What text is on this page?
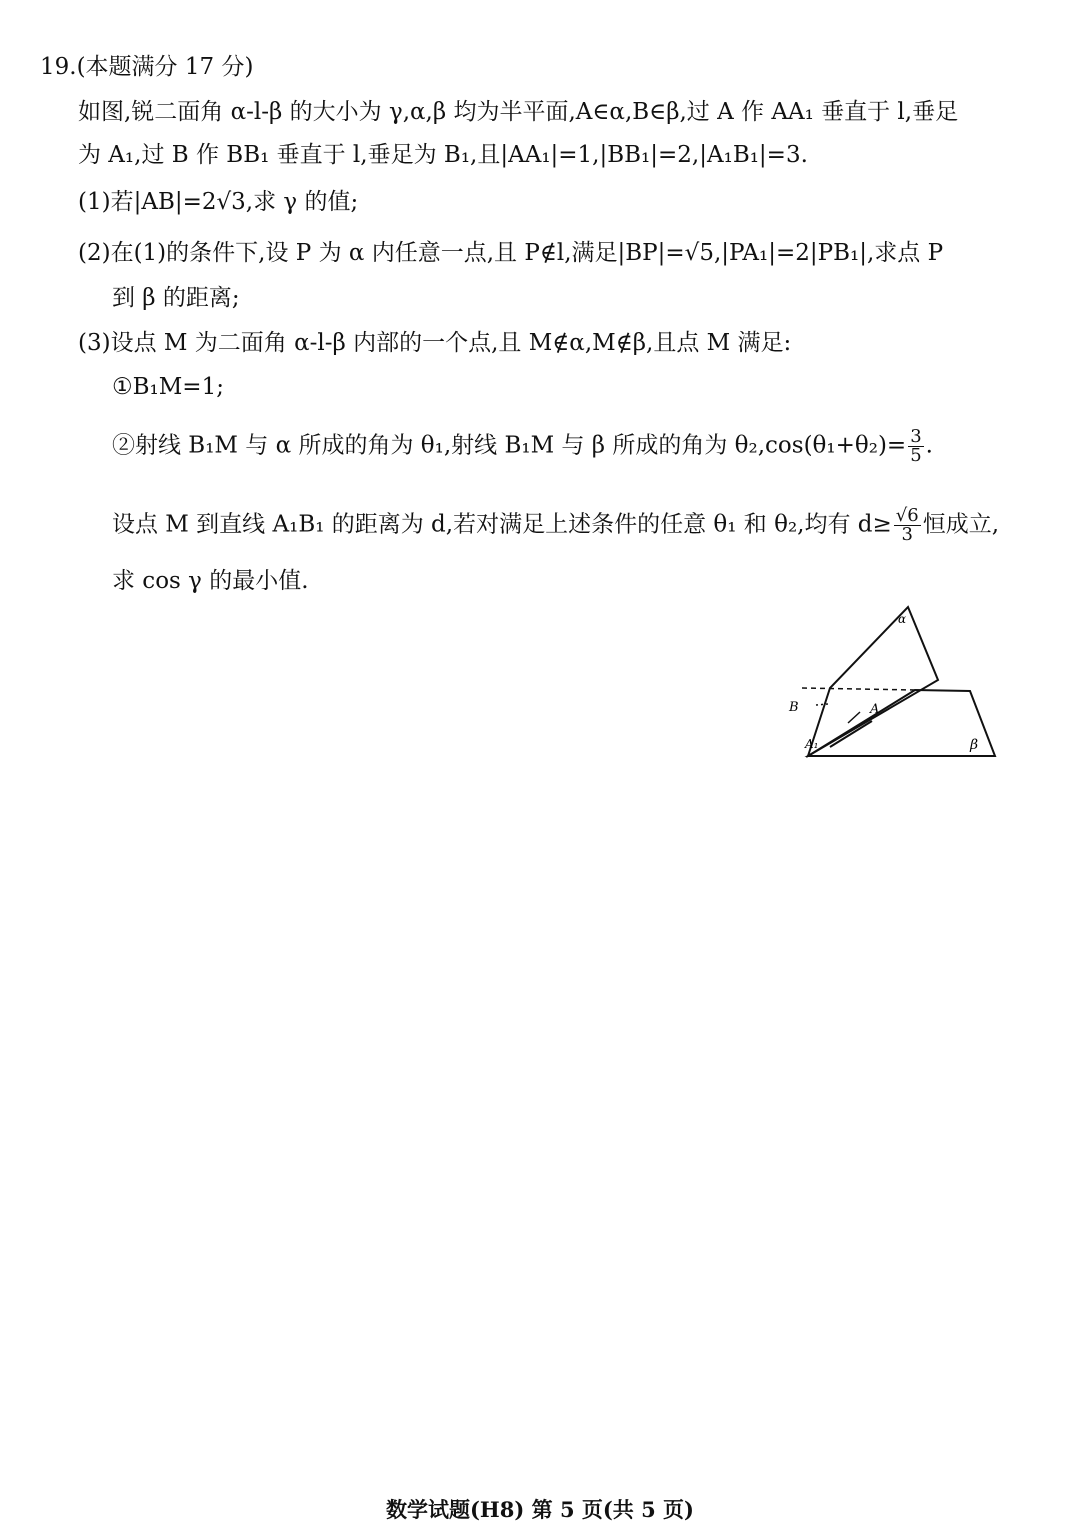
19.(本题满分 17 分)
如图,锐二面角 α-l-β 的大小为 γ,α,β 均为半平面,A∈α,B∈β,过 A 作 AA₁ 垂直于 l,垂足
为 A₁,过 B 作 BB₁ 垂直于 l,垂足为 B₁,且|AA₁|=1,|BB₁|=2,|A₁B₁|=3.
(1)若|AB|=2√3,求 γ 的值;
(2)在(1)的条件下,设 P 为 α 内任意一点,且 P∉l,满足|BP|=√5,|PA₁|=2|PB₁|,求点 P
到 β 的距离;
(3)设点 M 为二面角 α-l-β 内部的一个点,且 M∉α,M∉β,且点 M 满足:
①B₁M=1;
②射线 B₁M 与 α 所成的角为 θ₁,射线 B₁M 与 β 所成的角为 $\theta_2,\cos(\theta_1+\theta_2)= \frac{3}{5}$ .
设点 M 到直线 A₁B₁ 的距离为 d,若对满足上述条件的任意 θ₁ 和 θ₂,均有 $d\ge \frac{√6}{3}$ 恒成立,
求 cos γ 的最小值.
α
β
A
B
A₁
数学试题(H8) 第 5 页(共 5 页)
